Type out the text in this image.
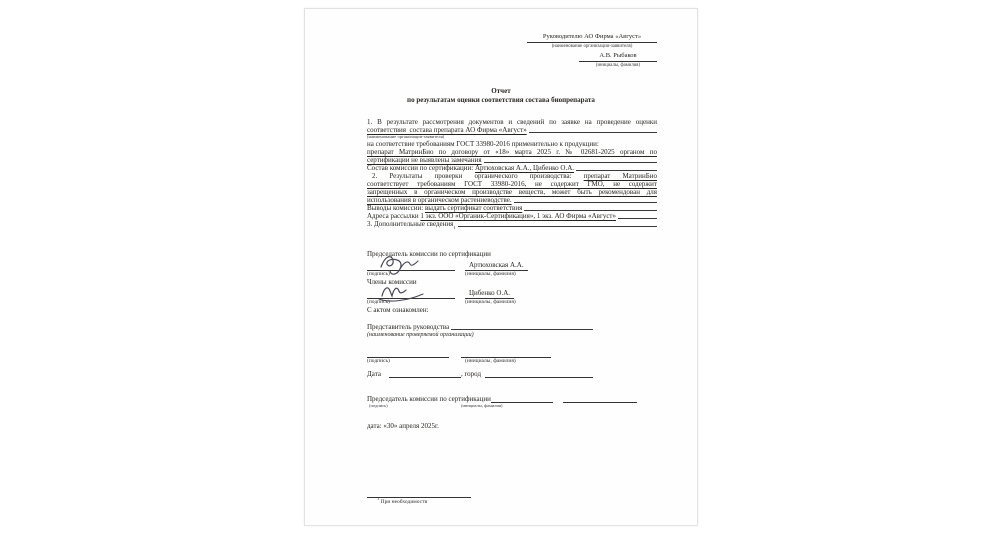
Руководителю АО Фирма «Август»
(наименование организации-заявителя)
А.В. Рыбаков
(инициалы, фамилия)
Отчет
по результатам оценки соответствия состава биопрепарата
1. В результате рассмотрения документов и сведений по заявке на проведение оценки
соответствия  состава препарата АО Фирма «Август»
(наименование организации-заявителя)
на соответствие требованиям ГОСТ 33980-2016 применительно к продукции:
препарат МатринБио по договору от «18» марта 2025 г. № 02681-2025 органом по
сертификации не выявлены замечания
Состав комиссии по сертификации: Артюховская А.А., Цибенко О.А.
2. Результаты проверки органического производства: препарат МатринБио
соответствует требованиям ГОСТ 33980-2016, не содержит ГМО, не содержит
запрещенных в органическом производстве веществ, может быть рекомендован для
использования в органическом растениеводстве.
Выводы комиссии: выдать сертификат соответствия
Адреса рассылки 1 экз. ООО «Органик-Сертификация», 1 экз. АО Фирма «Август»
3. Дополнительные сведения 1
Председатель комиссии по сертификации
Артюховская А.А.
(подпись)	(инициалы, фамилия)
Члены комиссии
Цибенко О.А.
(подпись)	(инициалы, фамилия)
С актом ознакомлен:
Представитель руководства
(наименование проверяемой организации)
(подпись)	(инициалы, фамилия)
Дата	, город
Председатель комиссии по сертификации
(подпись)	(инициалы, фамилия)
дата: «30» апреля 2025г.
$^1$ При необходимости
